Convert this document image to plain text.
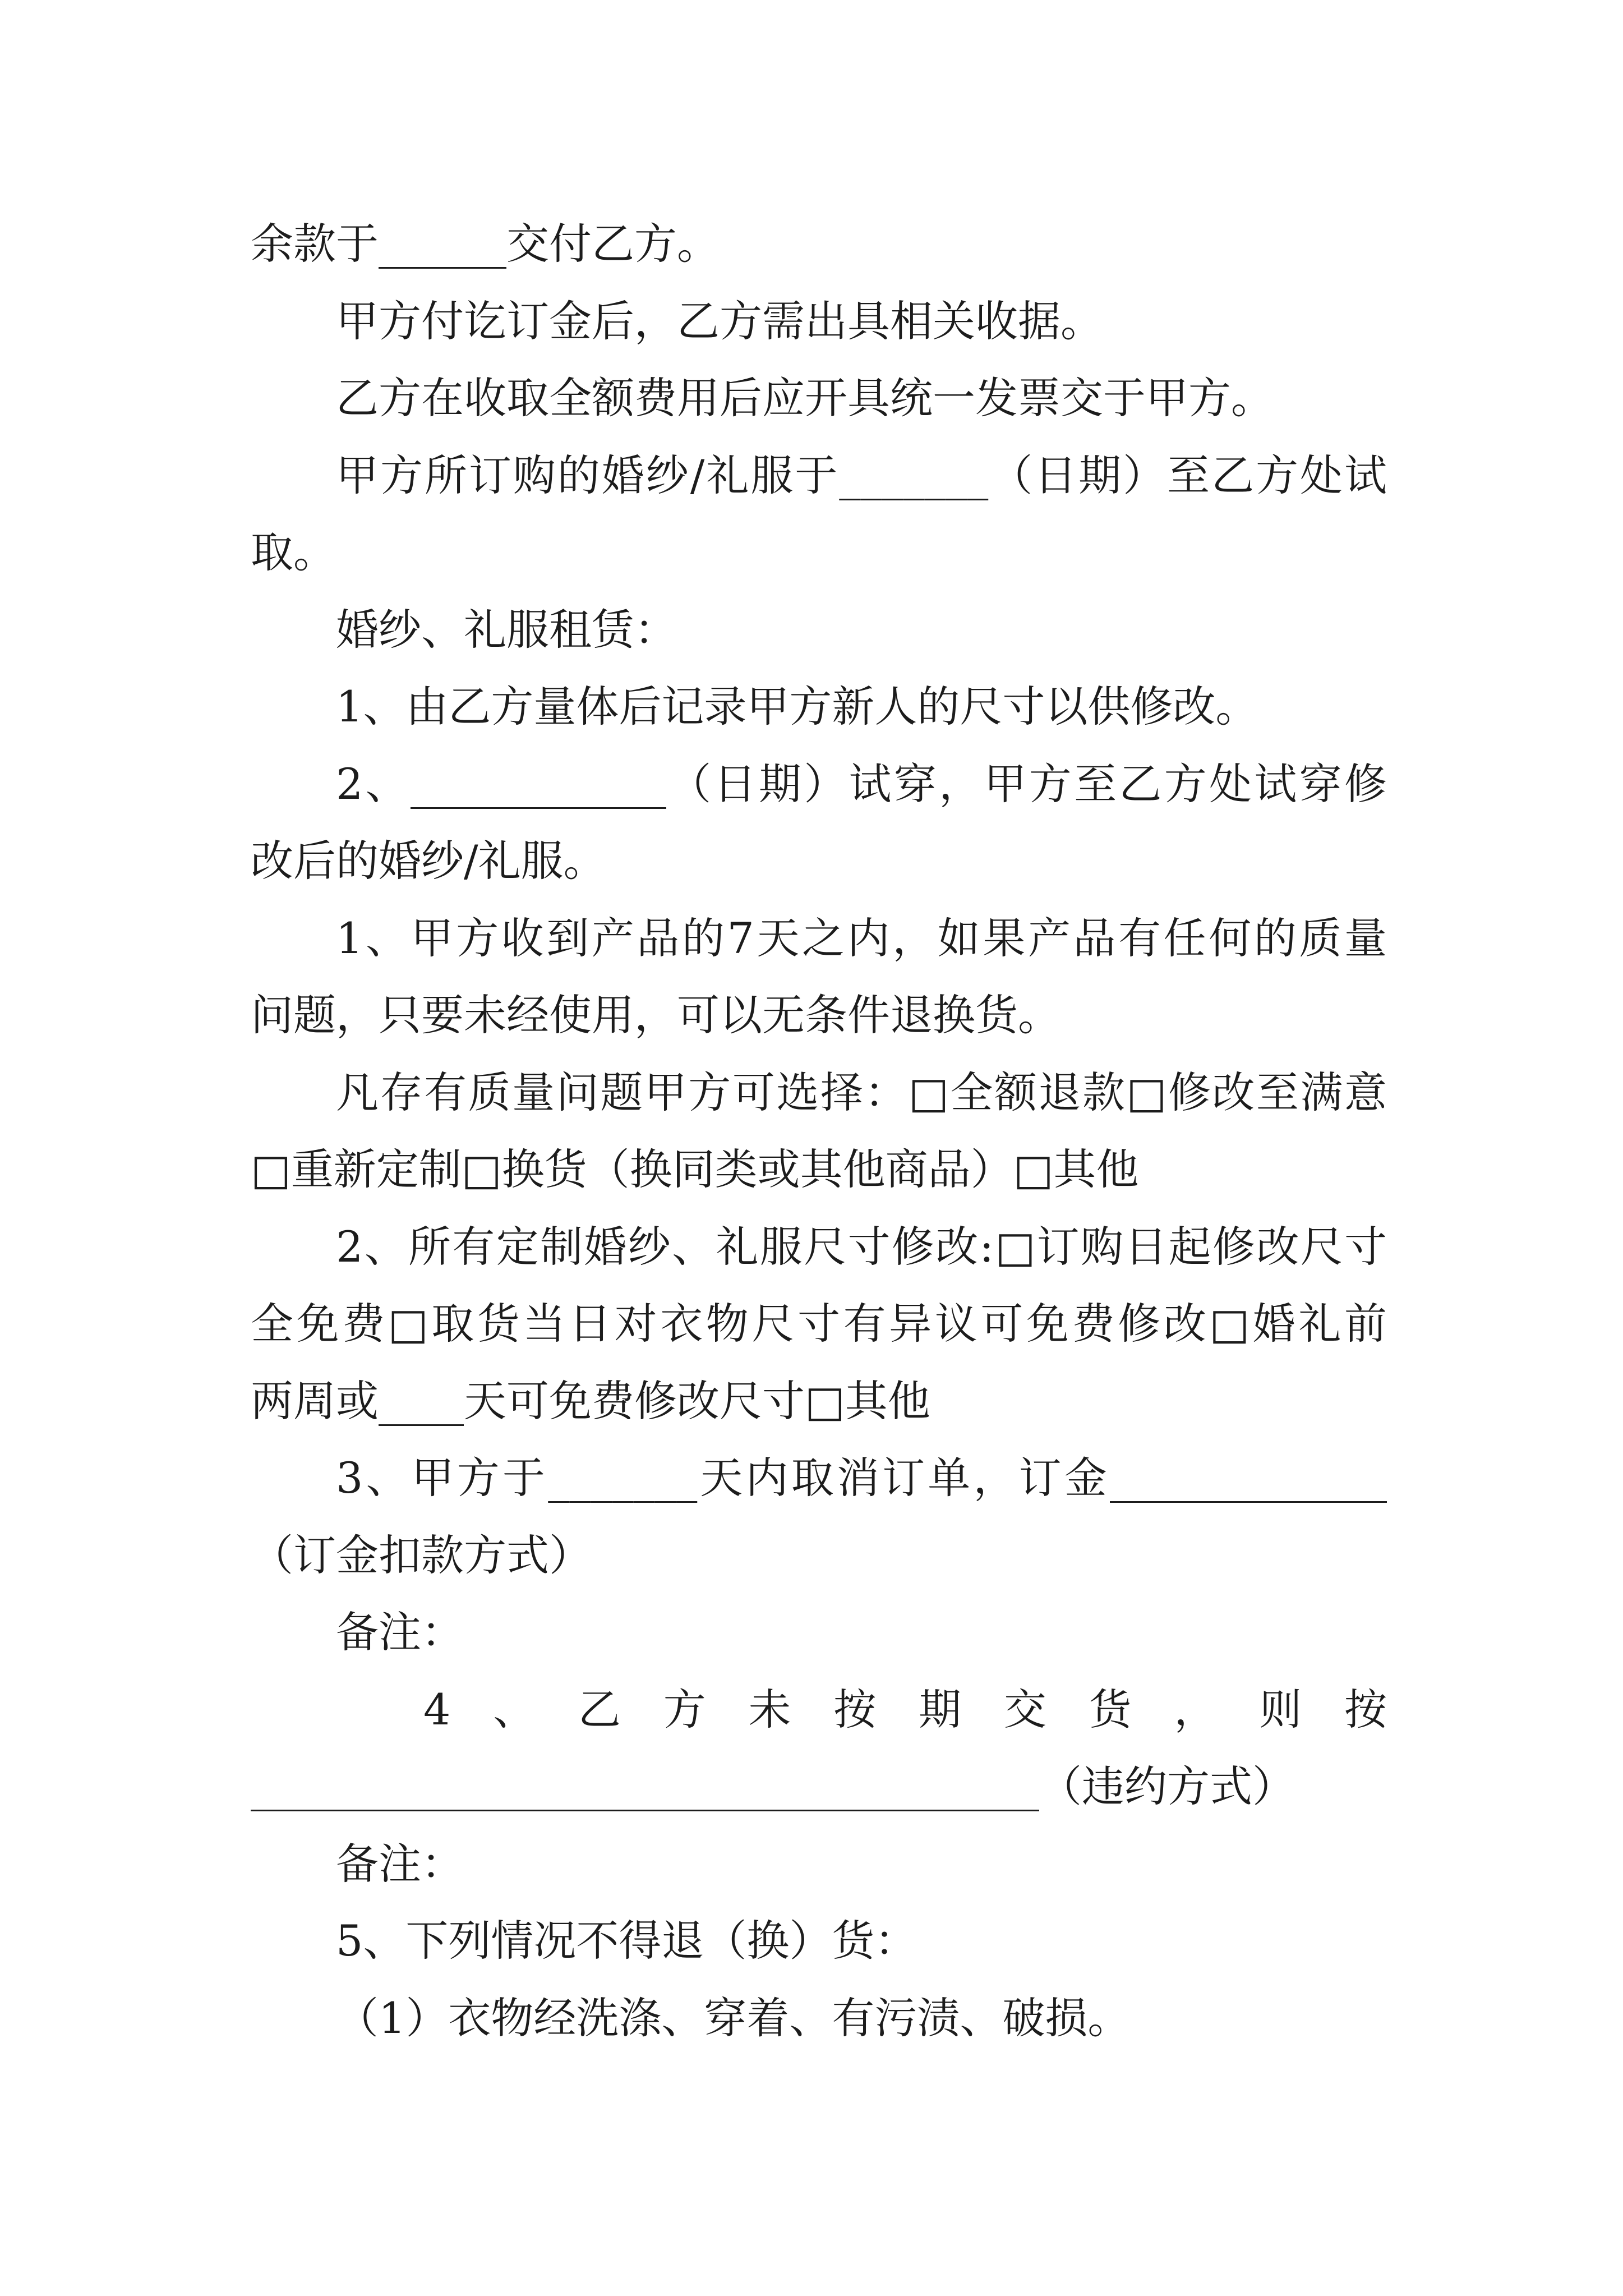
余款于______交付乙方。
甲方付讫订金后，乙方需出具相关收据。
乙方在收取全额费用后应开具统一发票交于甲方。
甲方所订购的婚纱/礼服于_______（日期）至乙方处试
取。
婚纱、礼服租赁：
1、由乙方量体后记录甲方新人的尺寸以供修改。
2、____________（日期）试穿，甲方至乙方处试穿修
改后的婚纱/礼服。
1、甲方收到产品的7天之内，如果产品有任何的质量
问题，只要未经使用，可以无条件退换货。
凡存有质量问题甲方可选择：□全额退款□修改至满意
□重新定制□换货（换同类或其他商品）□其他
2、所有定制婚纱、礼服尺寸修改:□订购日起修改尺寸
全免费□取货当日对衣物尺寸有异议可免费修改□婚礼前
两周或____天可免费修改尺寸□其他
3、甲方于_______天内取消订单，订金_____________
（订金扣款方式）
备注：
4、乙方未按期交货，则按
_____________________________________（违约方式）
备注：
5、下列情况不得退（换）货：
（1）衣物经洗涤、穿着、有污渍、破损。
